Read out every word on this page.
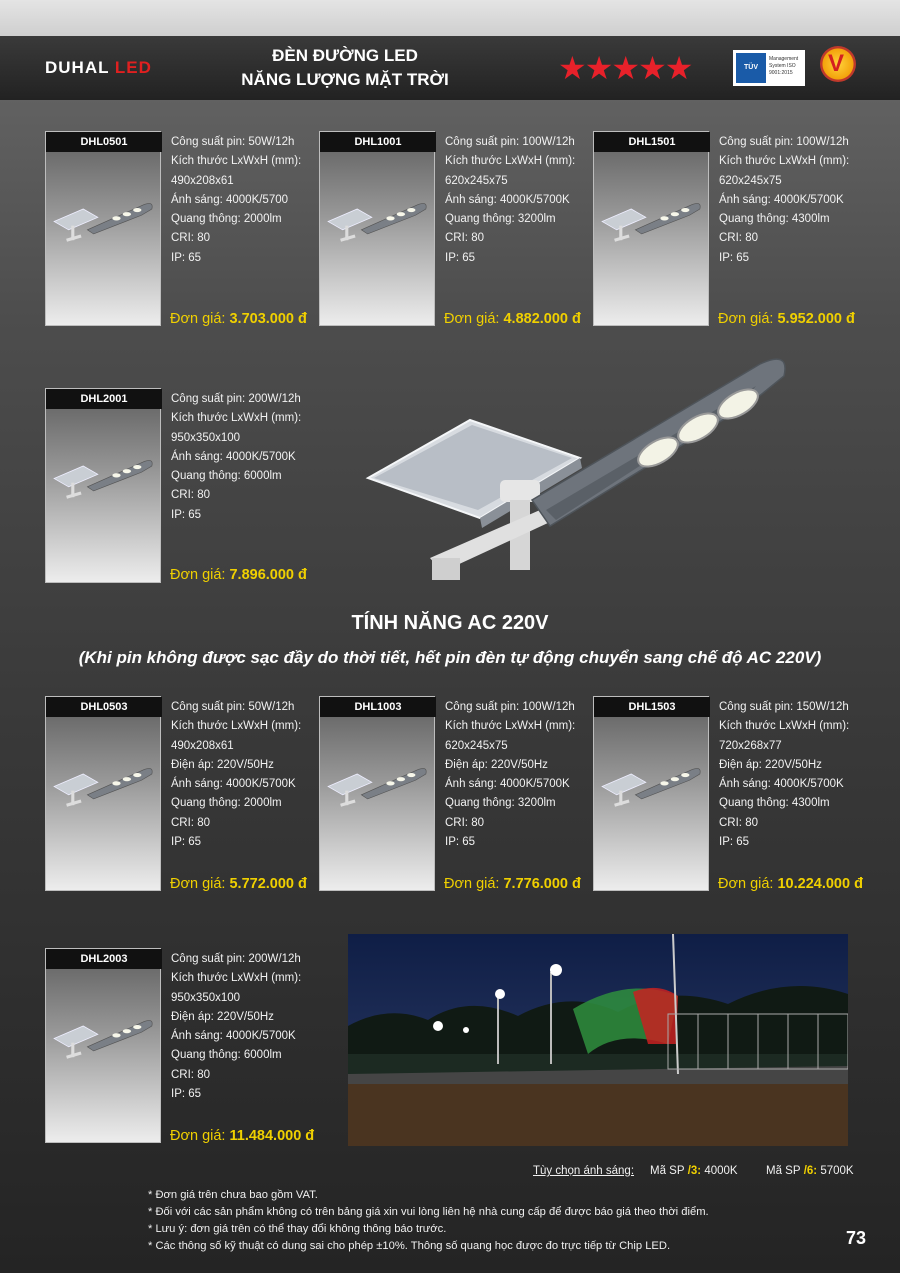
DUHAL LED
ĐÈN ĐƯỜNG LED
NĂNG LƯỢNG MẶT TRỜI	★★★★★	TÜV
Management System ISO 9001:2015	V
DHL0501	Công suất pin: 50W/12h
Kích thước LxWxH (mm):
490x208x61
Ánh sáng: 4000K/5700
Quang thông: 2000lm
CRI: 80
IP: 65
Đơn giá: 3.703.000 đ
DHL1001	Công suất pin: 100W/12h
Kích thước LxWxH (mm):
620x245x75
Ánh sáng: 4000K/5700K
Quang thông: 3200lm
CRI: 80
IP: 65
Đơn giá: 4.882.000 đ
DHL1501	Công suất pin: 100W/12h
Kích thước LxWxH (mm):
620x245x75
Ánh sáng: 4000K/5700K
Quang thông: 4300lm
CRI: 80
IP: 65
Đơn giá: 5.952.000 đ
DHL2001	Công suất pin: 200W/12h
Kích thước LxWxH (mm):
950x350x100
Ánh sáng: 4000K/5700K
Quang thông: 6000lm
CRI: 80
IP: 65
Đơn giá: 7.896.000 đ
TÍNH NĂNG AC 220V
(Khi pin không được sạc đầy do thời tiết, hết pin đèn tự động chuyển sang chế độ AC 220V)
DHL0503	Công suất pin: 50W/12h
Kích thước LxWxH (mm):
490x208x61
Điện áp: 220V/50Hz
Ánh sáng: 4000K/5700K
Quang thông: 2000lm
CRI: 80
IP: 65
Đơn giá: 5.772.000 đ
DHL1003	Công suất pin: 100W/12h
Kích thước LxWxH (mm):
620x245x75
Điện áp: 220V/50Hz
Ánh sáng: 4000K/5700K
Quang thông: 3200lm
CRI: 80
IP: 65
Đơn giá: 7.776.000 đ
DHL1503	Công suất pin: 150W/12h
Kích thước LxWxH (mm):
720x268x77
Điện áp: 220V/50Hz
Ánh sáng: 4000K/5700K
Quang thông: 4300lm
CRI: 80
IP: 65
Đơn giá: 10.224.000 đ
DHL2003	Công suất pin: 200W/12h
Kích thước LxWxH (mm):
950x350x100
Điện áp: 220V/50Hz
Ánh sáng: 4000K/5700K
Quang thông: 6000lm
CRI: 80
IP: 65
Đơn giá: 11.484.000 đ
Tùy chọn ánh sáng: Mã SP /3: 4000K Mã SP /6: 5700K
* Đơn giá trên chưa bao gồm VAT.
* Đối với các sản phẩm không có trên bảng giá xin vui lòng liên hệ nhà cung cấp để được báo giá theo thời điểm.
* Lưu ý: đơn giá trên có thể thay đổi không thông báo trước.
* Các thông số kỹ thuật có dung sai cho phép ±10%. Thông số quang học được đo trực tiếp từ Chip LED.	73
